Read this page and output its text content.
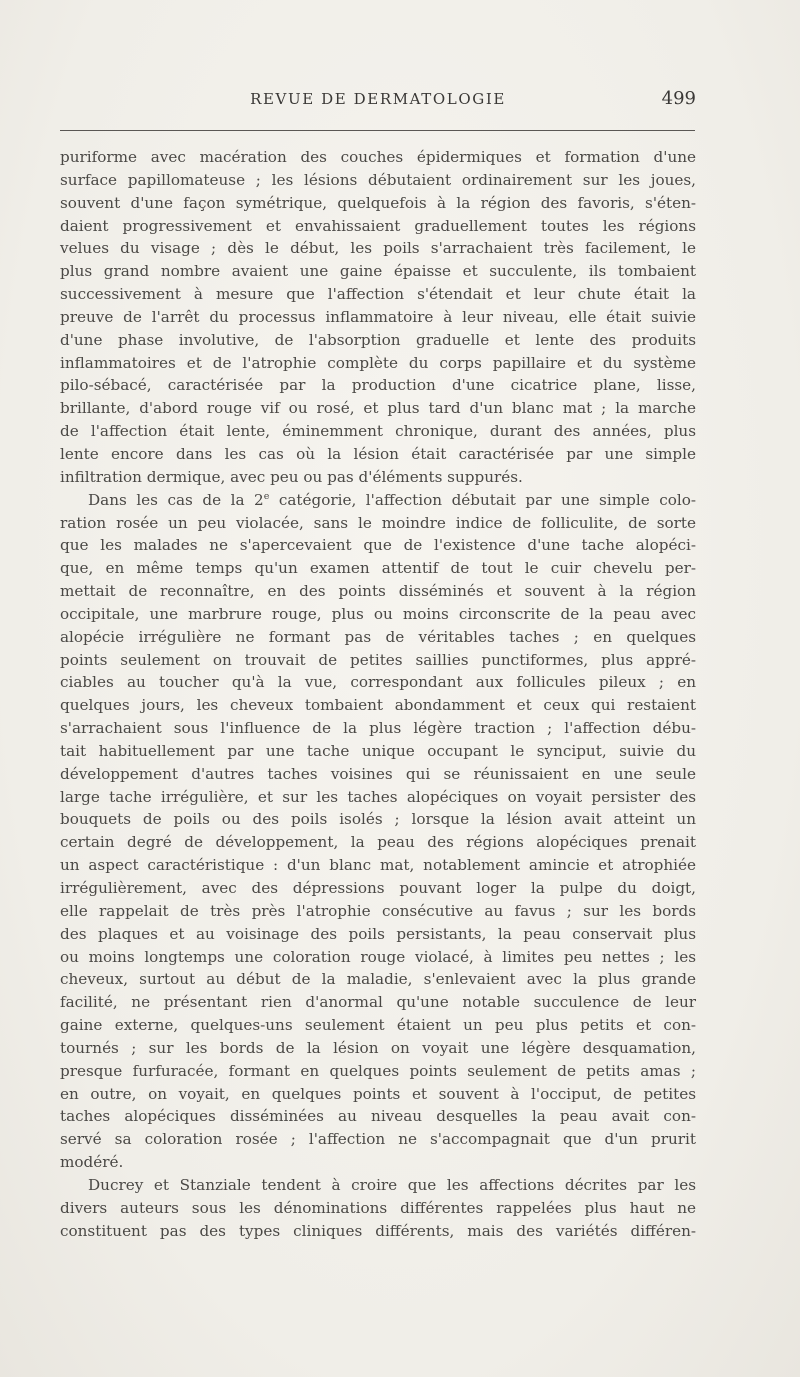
REVUE DE DERMATOLOGIE	499
puriforme avec macération des couches épidermiques et formation d'une
surface papillomateuse ; les lésions débutaient ordinairement sur les joues,
souvent d'une façon symétrique, quelquefois à la région des favoris, s'éten-
daient progressivement et envahissaient graduellement toutes les régions
velues du visage ; dès le début, les poils s'arrachaient très facilement, le
plus grand nombre avaient une gaine épaisse et succulente, ils tombaient
successivement à mesure que l'affection s'étendait et leur chute était la
preuve de l'arrêt du processus inflammatoire à leur niveau, elle était suivie
d'une phase involutive, de l'absorption graduelle et lente des produits
inflammatoires et de l'atrophie complète du corps papillaire et du système
pilo-sébacé, caractérisée par la production d'une cicatrice plane, lisse,
brillante, d'abord rouge vif ou rosé, et plus tard d'un blanc mat ; la marche
de l'affection était lente, éminemment chronique, durant des années, plus
lente encore dans les cas où la lésion était caractérisée par une simple
infiltration dermique, avec peu ou pas d'éléments suppurés.
Dans les cas de la 2e catégorie, l'affection débutait par une simple colo-
ration rosée un peu violacée, sans le moindre indice de folliculite, de sorte
que les malades ne s'apercevaient que de l'existence d'une tache alopéci-
que, en même temps qu'un examen attentif de tout le cuir chevelu per-
mettait de reconnaître, en des points disséminés et souvent à la région
occipitale, une marbrure rouge, plus ou moins circonscrite de la peau avec
alopécie irrégulière ne formant pas de véritables taches ; en quelques
points seulement on trouvait de petites saillies punctiformes, plus appré-
ciables au toucher qu'à la vue, correspondant aux follicules pileux ; en
quelques jours, les cheveux tombaient abondamment et ceux qui restaient
s'arrachaient sous l'influence de la plus légère traction ; l'affection débu-
tait habituellement par une tache unique occupant le synciput, suivie du
développement d'autres taches voisines qui se réunissaient en une seule
large tache irrégulière, et sur les taches alopéciques on voyait persister des
bouquets de poils ou des poils isolés ; lorsque la lésion avait atteint un
certain degré de développement, la peau des régions alopéciques prenait
un aspect caractéristique : d'un blanc mat, notablement amincie et atrophiée
irrégulièrement, avec des dépressions pouvant loger la pulpe du doigt,
elle rappelait de très près l'atrophie consécutive au favus ; sur les bords
des plaques et au voisinage des poils persistants, la peau conservait plus
ou moins longtemps une coloration rouge violacé, à limites peu nettes ; les
cheveux, surtout au début de la maladie, s'enlevaient avec la plus grande
facilité, ne présentant rien d'anormal qu'une notable succulence de leur
gaine externe, quelques-uns seulement étaient un peu plus petits et con-
tournés ; sur les bords de la lésion on voyait une légère desquamation,
presque furfuracée, formant en quelques points seulement de petits amas ;
en outre, on voyait, en quelques points et souvent à l'occiput, de petites
taches alopéciques disséminées au niveau desquelles la peau avait con-
servé sa coloration rosée ; l'affection ne s'accompagnait que d'un prurit
modéré.
Ducrey et Stanziale tendent à croire que les affections décrites par les
divers auteurs sous les dénominations différentes rappelées plus haut ne
constituent pas des types cliniques différents, mais des variétés différen-
